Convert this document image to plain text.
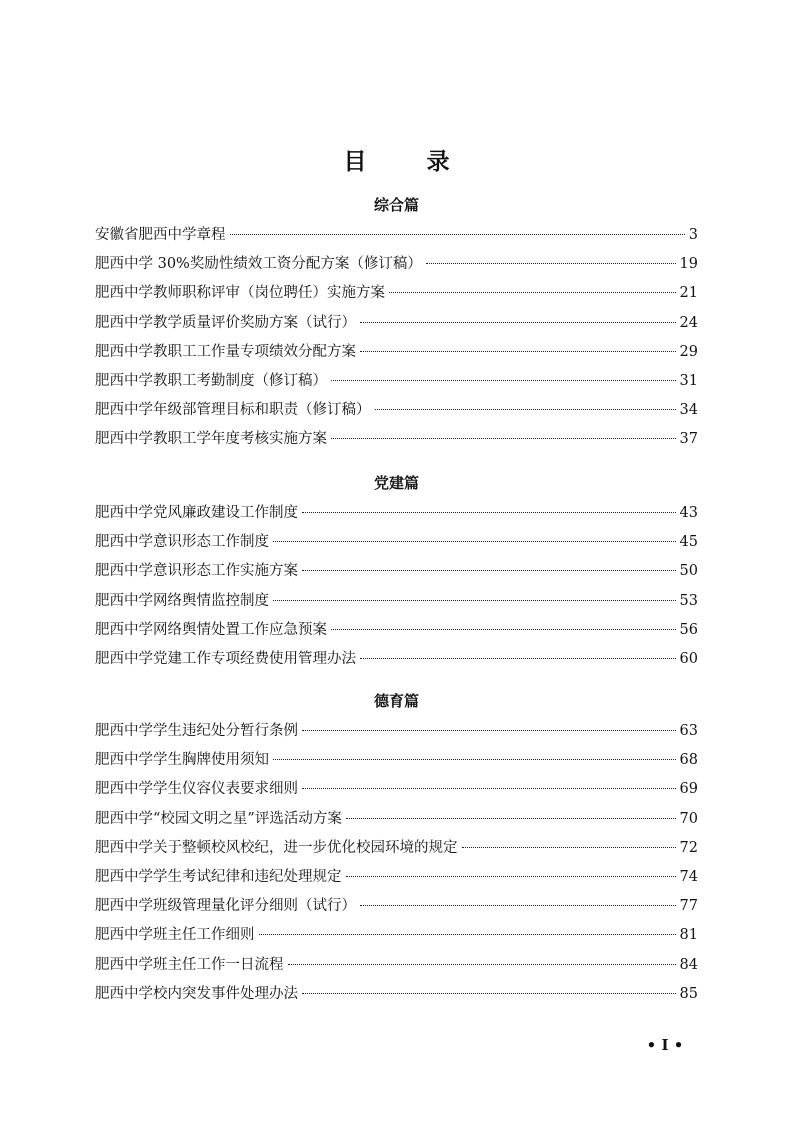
目 录
综合篇
安徽省肥西中学章程	3
肥西中学 30%奖励性绩效工资分配方案（修订稿）	19
肥西中学教师职称评审（岗位聘任）实施方案	21
肥西中学教学质量评价奖励方案（试行）	24
肥西中学教职工工作量专项绩效分配方案	29
肥西中学教职工考勤制度（修订稿）	31
肥西中学年级部管理目标和职责（修订稿）	34
肥西中学教职工学年度考核实施方案	37
党建篇
肥西中学党风廉政建设工作制度	43
肥西中学意识形态工作制度	45
肥西中学意识形态工作实施方案	50
肥西中学网络舆情监控制度	53
肥西中学网络舆情处置工作应急预案	56
肥西中学党建工作专项经费使用管理办法	60
德育篇
肥西中学学生违纪处分暂行条例	63
肥西中学学生胸牌使用须知	68
肥西中学学生仪容仪表要求细则	69
肥西中学“校园文明之星”评选活动方案	70
肥西中学关于整顿校风校纪，进一步优化校园环境的规定	72
肥西中学学生考试纪律和违纪处理规定	74
肥西中学班级管理量化评分细则（试行）	77
肥西中学班主任工作细则	81
肥西中学班主任工作一日流程	84
肥西中学校内突发事件处理办法	85
• I •
